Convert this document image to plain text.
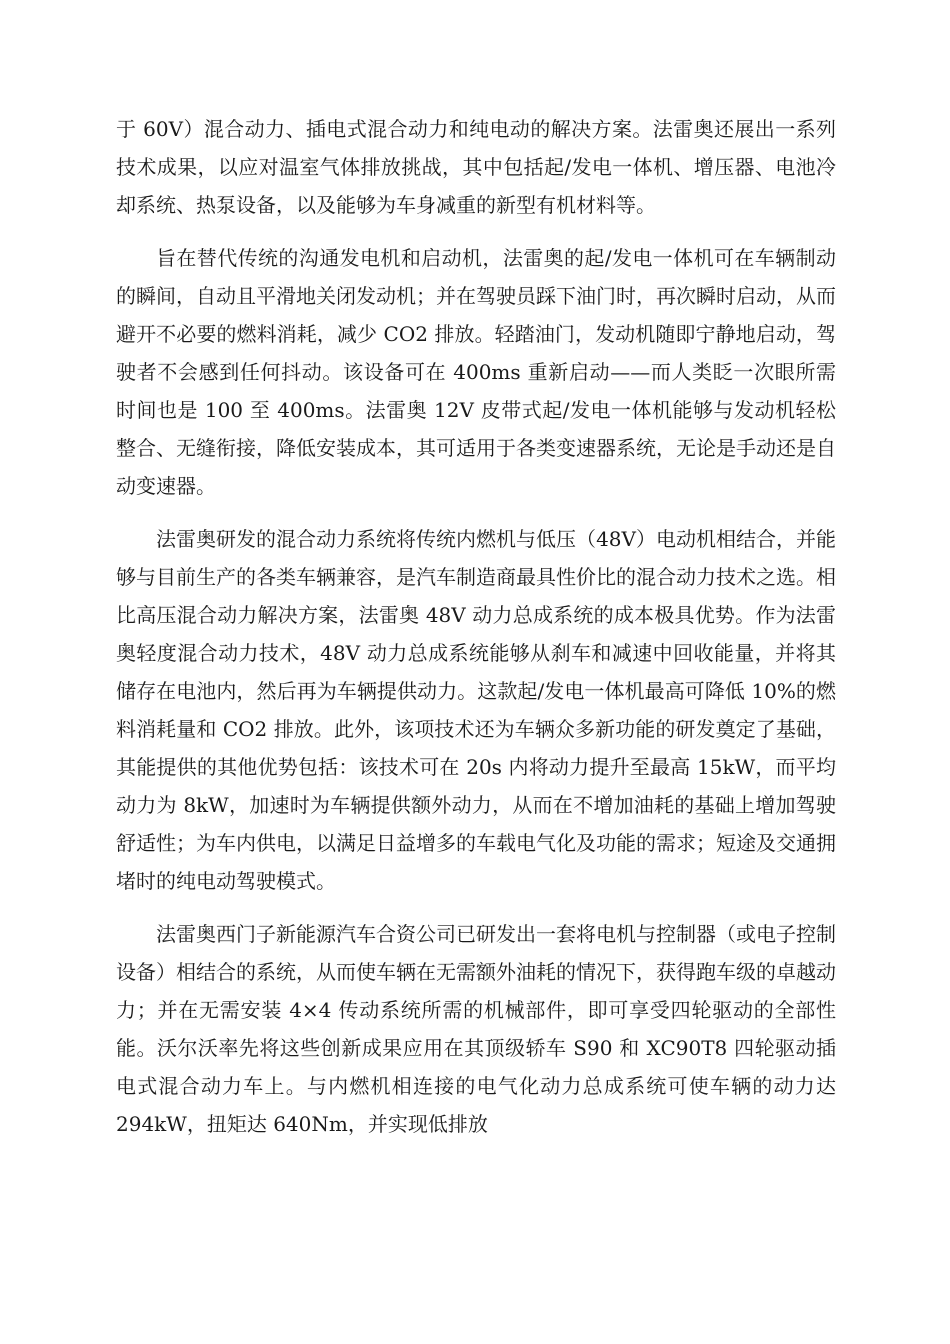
于 60V）混合动力、插电式混合动力和纯电动的解决方案。法雷奥还展出一系列技术成果，以应对温室气体排放挑战，其中包括起/发电一体机、增压器、电池冷却系统、热泵设备，以及能够为车身减重的新型有机材料等。

旨在替代传统的沟通发电机和启动机，法雷奥的起/发电一体机可在车辆制动的瞬间，自动且平滑地关闭发动机；并在驾驶员踩下油门时，再次瞬时启动，从而避开不必要的燃料消耗，减少 CO2 排放。轻踏油门，发动机随即宁静地启动，驾驶者不会感到任何抖动。该设备可在 400ms 重新启动——而人类眨一次眼所需时间也是 100 至 400ms。法雷奥 12V 皮带式起/发电一体机能够与发动机轻松整合、无缝衔接，降低安装成本，其可适用于各类变速器系统，无论是手动还是自动变速器。

法雷奥研发的混合动力系统将传统内燃机与低压（48V）电动机相结合，并能够与目前生产的各类车辆兼容，是汽车制造商最具性价比的混合动力技术之选。相比高压混合动力解决方案，法雷奥 48V 动力总成系统的成本极具优势。作为法雷奥轻度混合动力技术，48V 动力总成系统能够从刹车和减速中回收能量，并将其储存在电池内，然后再为车辆提供动力。这款起/发电一体机最高可降低 10%的燃料消耗量和 CO2 排放。此外，该项技术还为车辆众多新功能的研发奠定了基础，其能提供的其他优势包括：该技术可在 20s 内将动力提升至最高 15kW，而平均动力为 8kW，加速时为车辆提供额外动力，从而在不增加油耗的基础上增加驾驶舒适性；为车内供电，以满足日益增多的车载电气化及功能的需求；短途及交通拥堵时的纯电动驾驶模式。

法雷奥西门子新能源汽车合资公司已研发出一套将电机与控制器（或电子控制设备）相结合的系统，从而使车辆在无需额外油耗的情况下，获得跑车级的卓越动力；并在无需安装 4×4 传动系统所需的机械部件，即可享受四轮驱动的全部性能。沃尔沃率先将这些创新成果应用在其顶级轿车 S90 和 XC90T8 四轮驱动插电式混合动力车上。与内燃机相连接的电气化动力总成系统可使车辆的动力达 294kW，扭矩达 640Nm，并实现低排放
